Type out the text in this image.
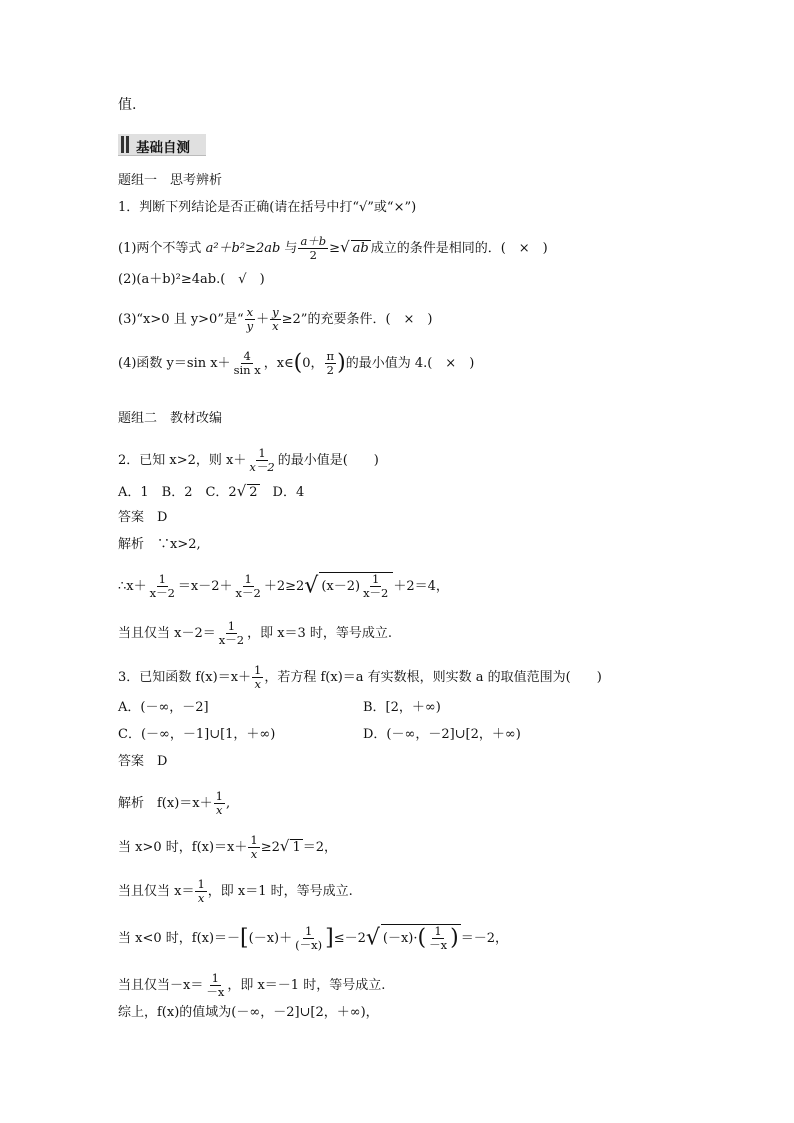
值.
基础自测
题组一　思考辨析
1．判断下列结论是否正确(请在括号中打“√”或“×”)
(1)两个不等式 a²＋b²≥2ab 与 $\frac{a+b}{2}$ ≥√ ab 成立的条件是相同的．(　×　)
(2)(a＋b)²≥4ab.(　√　)
(3)“x>0 且 y>0”是“ $\frac{x}{y} + \frac{y}{x} \ge 2$”的充要条件．(　×　)
(4)函数 y＝sin $x+ \frac{4}{\text{sin x}}$ ，x∈(0， $\frac{\pi}{2}$ )的最小值为 4.(　×　)
题组二　教材改编
2．已知 x>2，则 $x+ \frac{1}{x-2}$ 的最小值是(　　)
A．1　B．2　C．2√ 2　D．4
答案　D
解析　∵x>2,
∴x＋ $\frac{1}{x-2} =x-2+ \frac{1}{x-2} +2\ge 2√$ $(x-2) \frac{1}{x-2} +2=4$，
当且仅当 $x-2= \frac{1}{x-2}$ ，即 x＝3 时，等号成立.
3．已知函数 $f(x)=x+ \frac{1}{x}$ ，若方程 f(x)＝a 有实数根，则实数 a 的取值范围为(　　)
A．(－∞，－2]	B．[2，＋∞)
C．(－∞，－1]∪[1，＋∞)	D．(－∞，－2]∪[2，＋∞)
答案　D
解析　$f(x)=x+ \frac{1}{x}$ ,
当 x>0 时，$f(x)=x+ \frac{1}{x} \ge 2√$ 1 ＝2，
当且仅当 $x= \frac{1}{x}$ ，即 x＝1 时，等号成立.
当 x<0 时，$f(x)=-[(-x)+ \frac{1}{(-x)} ]\le-2√$ $(-x)\cdot( \frac{1}{-x}$ ) ＝－2，
当且仅当$-x= \frac{1}{-x}$ ，即 x＝－1 时，等号成立.
综上，f(x)的值域为(－∞，－2]∪[2，＋∞)，
